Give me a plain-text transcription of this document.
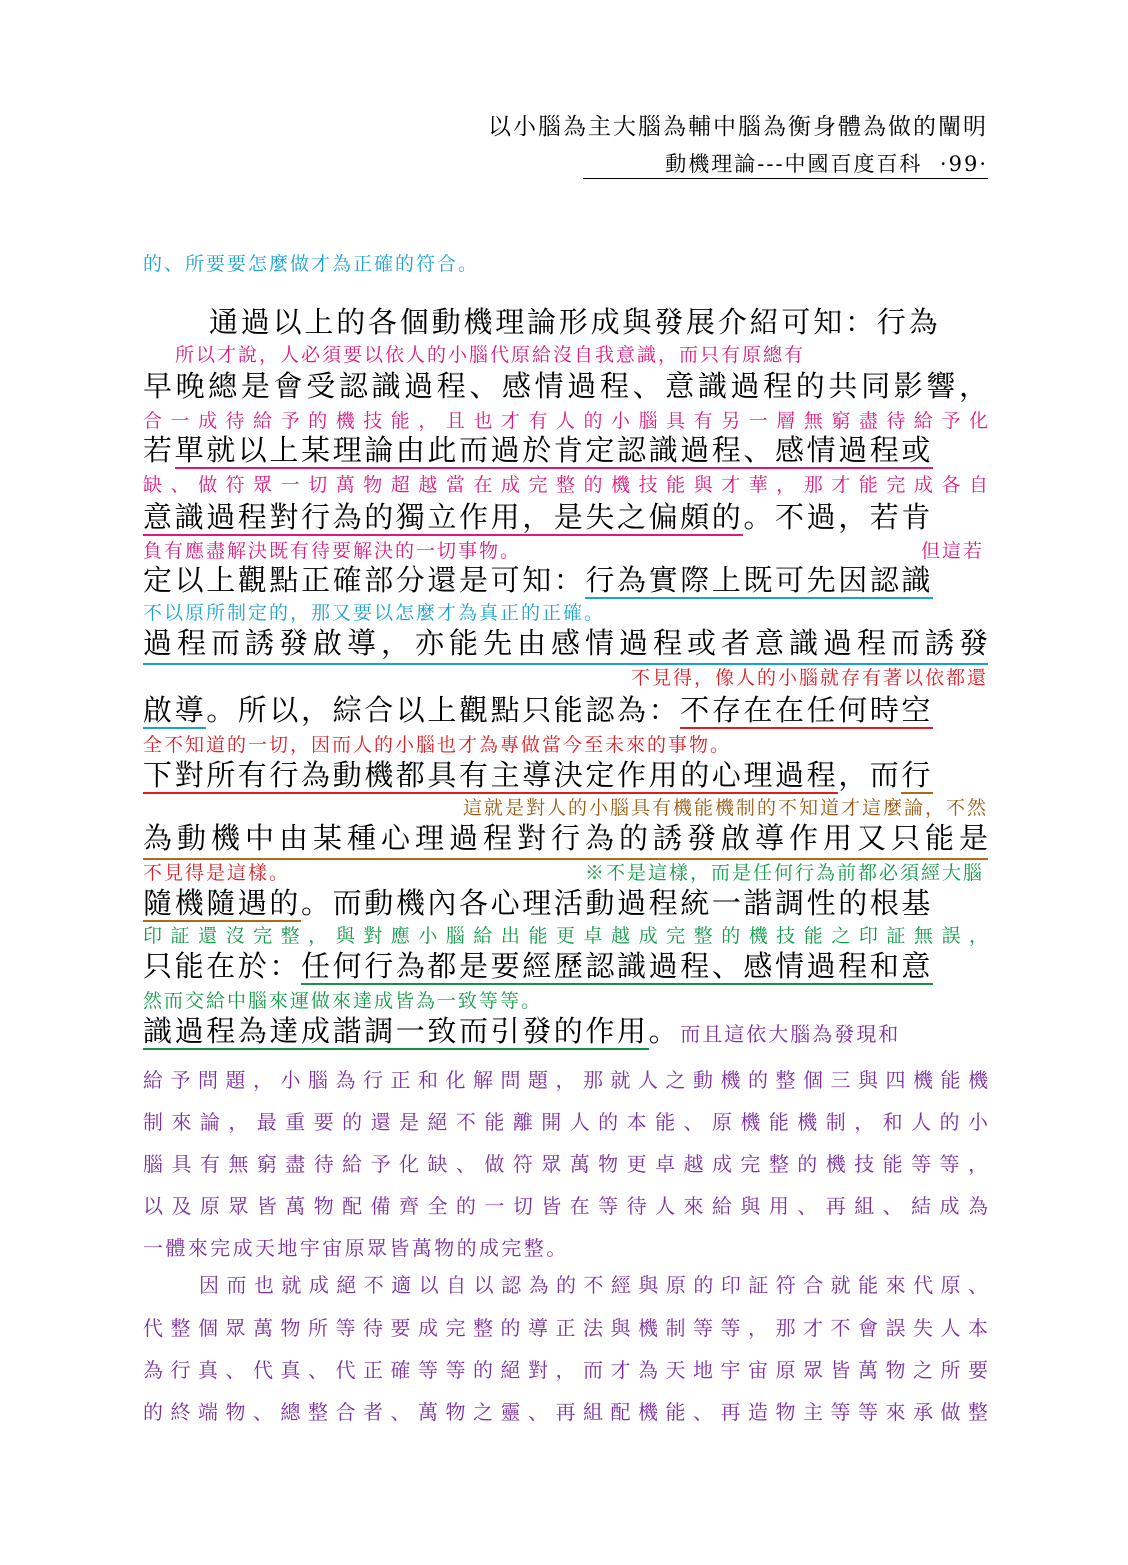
以小腦為主大腦為輔中腦為衡身體為做的闡明
動機理論---中國百度百科 ·99·
的、所要要怎麼做才為正確的符合。
通過以上的各個動機理論形成與發展介紹可知：行為
所以才說，人必須要以依人的小腦代原給沒自我意識，而只有原總有
早晚總是會受認識過程、感情過程、意識過程的共同影響，
合一成待給予的機技能，且也才有人的小腦具有另一層無窮盡待給予化
若單就以上某理論由此而過於肯定認識過程、感情過程或
缺、做符眾一切萬物超越當在成完整的機技能與才華，那才能完成各自
意識過程對行為的獨立作用，是失之偏頗的。不過，若肯
負有應盡解決既有待要解決的一切事物。	但這若
定以上觀點正確部分還是可知：行為實際上既可先因認識
不以原所制定的，那又要以怎麼才為真正的正確。
過程而誘發啟導，亦能先由感情過程或者意識過程而誘發
不見得，像人的小腦就存有著以依都還
啟導。所以，綜合以上觀點只能認為：不存在在任何時空
全不知道的一切，因而人的小腦也才為專做當今至未來的事物。
下對所有行為動機都具有主導決定作用的心理過程，而行
這就是對人的小腦具有機能機制的不知道才這麼論，不然
為動機中由某種心理過程對行為的誘發啟導作用又只能是
不見得是這樣。	※不是這樣，而是任何行為前都必須經大腦
隨機隨遇的。而動機內各心理活動過程統一諧調性的根基
印証還沒完整，與對應小腦給出能更卓越成完整的機技能之印証無誤，
只能在於：任何行為都是要經歷認識過程、感情過程和意
然而交給中腦來運做來達成皆為一致等等。
識過程為達成諧調一致而引發的作用。而且這依大腦為發現和
給予問題，小腦為行正和化解問題，那就人之動機的整個三與四機能機
制來論，最重要的還是絕不能離開人的本能、原機能機制，和人的小
腦具有無窮盡待給予化缺、做符眾萬物更卓越成完整的機技能等等，
以及原眾皆萬物配備齊全的一切皆在等待人來給與用、再組、結成為
一體來完成天地宇宙原眾皆萬物的成完整。
因而也就成絕不適以自以認為的不經與原的印証符合就能來代原、
代整個眾萬物所等待要成完整的導正法與機制等等，那才不會誤失人本
為行真、代真、代正確等等的絕對，而才為天地宇宙原眾皆萬物之所要
的終端物、總整合者、萬物之靈、再組配機能、再造物主等等來承做整
